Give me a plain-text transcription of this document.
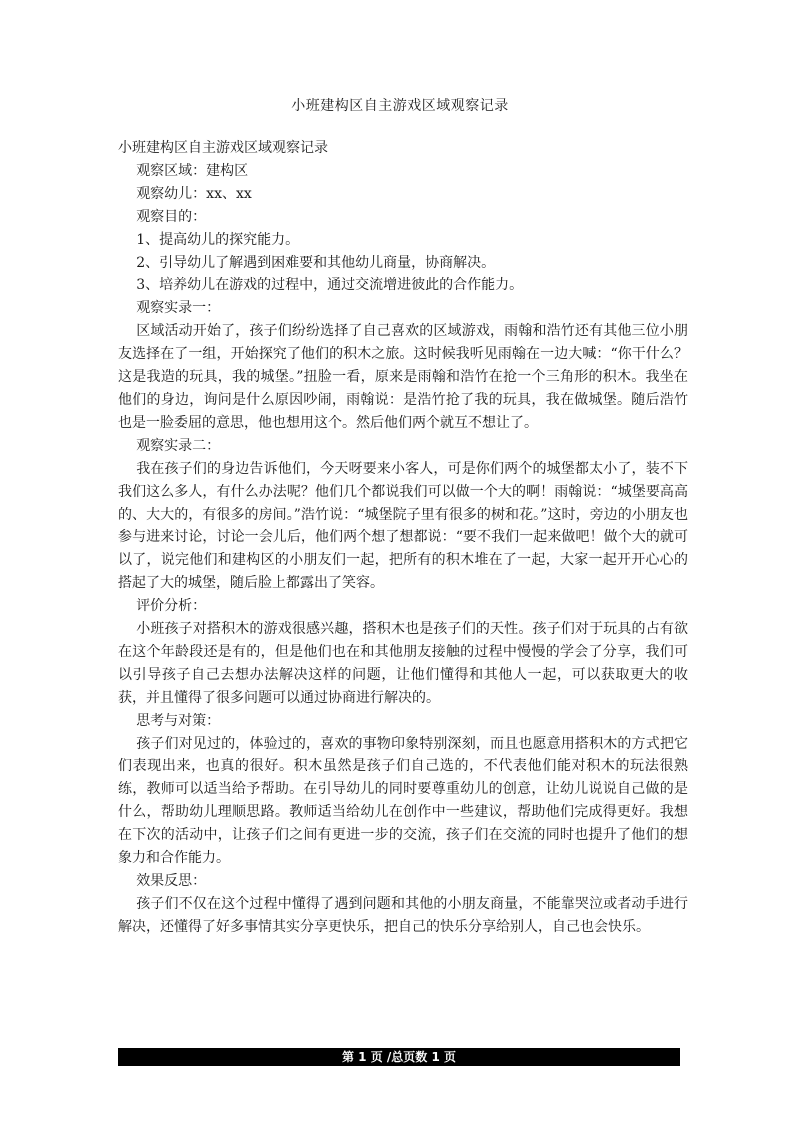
小班建构区自主游戏区域观察记录

小班建构区自主游戏区域观察记录

观察区域：建构区

观察幼儿：xx、xx

观察目的：

1、提高幼儿的探究能力。

2、引导幼儿了解遇到困难要和其他幼儿商量，协商解决。

3、培养幼儿在游戏的过程中，通过交流增进彼此的合作能力。

观察实录一：

区域活动开始了，孩子们纷纷选择了自己喜欢的区域游戏，雨翰和浩竹还有其他三位小朋友选择在了一组，开始探究了他们的积木之旅。这时候我听见雨翰在一边大喊：“你干什么？这是我造的玩具，我的城堡。”扭脸一看，原来是雨翰和浩竹在抢一个三角形的积木。我坐在他们的身边，询问是什么原因吵闹，雨翰说：是浩竹抢了我的玩具，我在做城堡。随后浩竹也是一脸委屈的意思，他也想用这个。然后他们两个就互不想让了。

观察实录二：

我在孩子们的身边告诉他们，今天呀要来小客人，可是你们两个的城堡都太小了，装不下我们这么多人，有什么办法呢？他们几个都说我们可以做一个大的啊！雨翰说：“城堡要高高的、大大的，有很多的房间。”浩竹说：“城堡院子里有很多的树和花。”这时，旁边的小朋友也参与进来讨论，讨论一会儿后，他们两个想了想都说：“要不我们一起来做吧！做个大的就可以了，说完他们和建构区的小朋友们一起，把所有的积木堆在了一起，大家一起开开心心的搭起了大的城堡，随后脸上都露出了笑容。

评价分析：

小班孩子对搭积木的游戏很感兴趣，搭积木也是孩子们的天性。孩子们对于玩具的占有欲在这个年龄段还是有的，但是他们也在和其他朋友接触的过程中慢慢的学会了分享，我们可以引导孩子自己去想办法解决这样的问题，让他们懂得和其他人一起，可以获取更大的收获，并且懂得了很多问题可以通过协商进行解决的。

思考与对策：

孩子们对见过的，体验过的，喜欢的事物印象特别深刻，而且也愿意用搭积木的方式把它们表现出来，也真的很好。积木虽然是孩子们自己选的，不代表他们能对积木的玩法很熟练，教师可以适当给予帮助。在引导幼儿的同时要尊重幼儿的创意，让幼儿说说自己做的是什么，帮助幼儿理顺思路。教师适当给幼儿在创作中一些建议，帮助他们完成得更好。我想在下次的活动中，让孩子们之间有更进一步的交流，孩子们在交流的同时也提升了他们的想象力和合作能力。

效果反思：

孩子们不仅在这个过程中懂得了遇到问题和其他的小朋友商量，不能靠哭泣或者动手进行解决，还懂得了好多事情其实分享更快乐，把自己的快乐分享给别人，自己也会快乐。

第 1 页 /总页数 1 页
